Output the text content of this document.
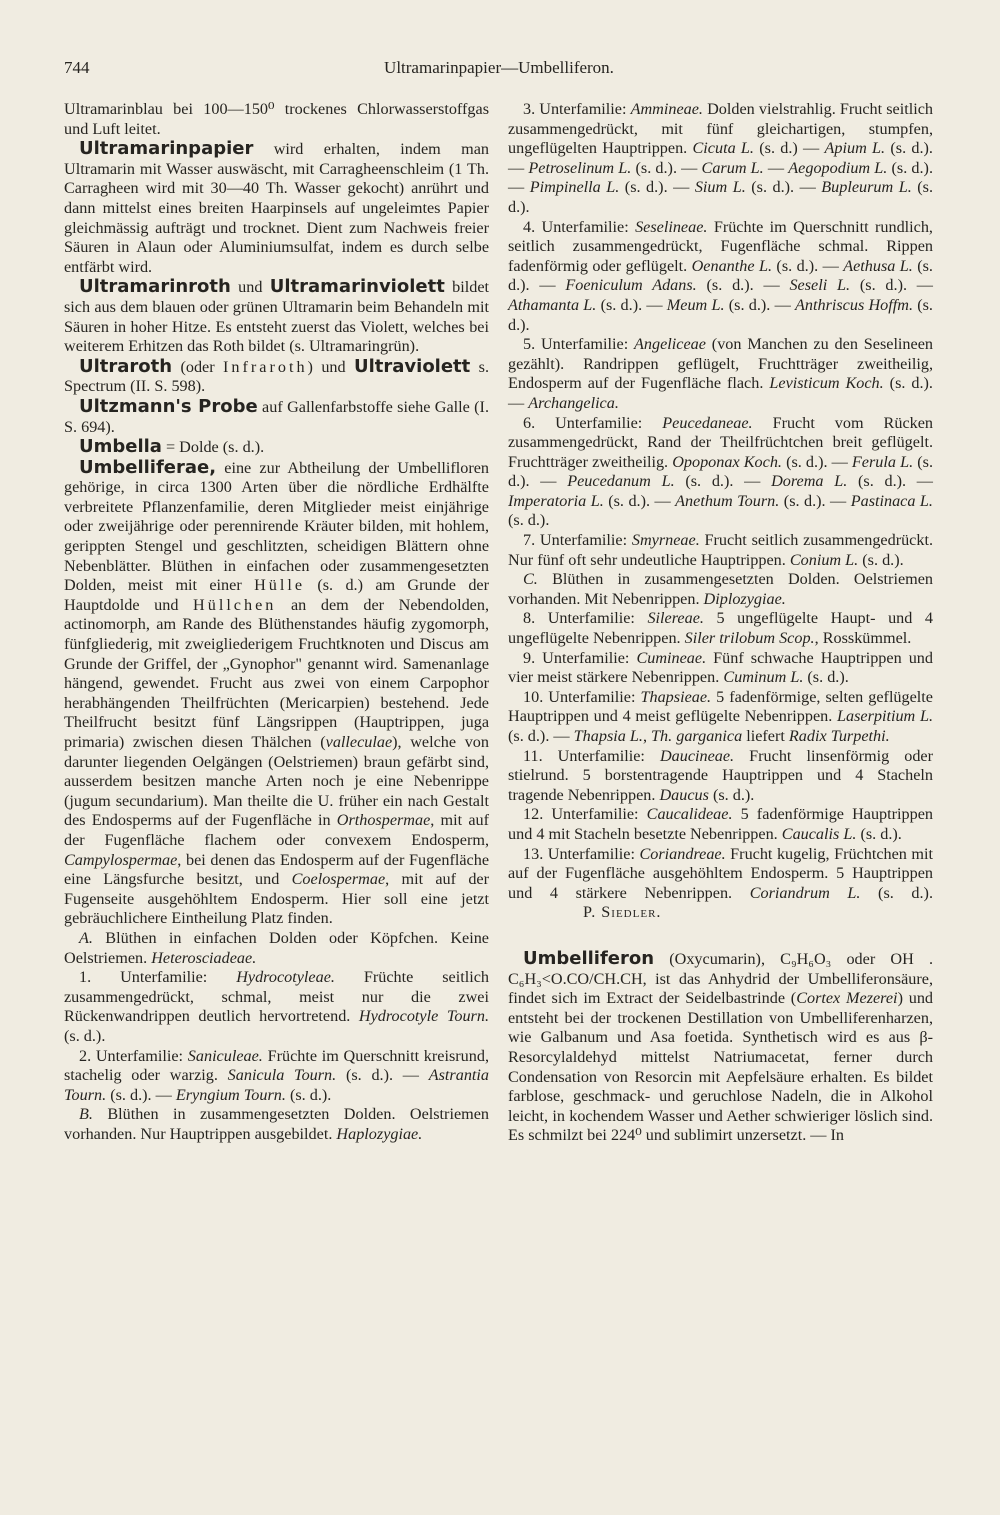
744	Ultramarinpapier—Umbelliferon.

Ultramarinblau bei 100—150⁰ trockenes Chlorwasserstoffgas und Luft leitet.

Ultramarinpapier wird erhalten, indem man Ultramarin mit Wasser auswäscht, mit Carragheenschleim (1 Th. Carragheen wird mit 30—40 Th. Wasser gekocht) anrührt und dann mittelst eines breiten Haarpinsels auf ungeleimtes Papier gleichmässig aufträgt und trocknet. Dient zum Nachweis freier Säuren in Alaun oder Aluminiumsulfat, indem es durch selbe entfärbt wird.

Ultramarinroth und Ultramarinviolett bildet sich aus dem blauen oder grünen Ultramarin beim Behandeln mit Säuren in hoher Hitze. Es entsteht zuerst das Violett, welches bei weiterem Erhitzen das Roth bildet (s. Ultramaringrün).

Ultraroth (oder Infraroth) und Ultraviolett s. Spectrum (II. S. 598).

Ultzmann's Probe auf Gallenfarbstoffe siehe Galle (I. S. 694).

Umbella = Dolde (s. d.).

Umbelliferae, eine zur Abtheilung der Umbellifloren gehörige, in circa 1300 Arten über die nördliche Erdhälfte verbreitete Pflanzenfamilie, deren Mitglieder meist einjährige oder zweijährige oder perennirende Kräuter bilden, mit hohlem, gerippten Stengel und geschlitzten, scheidigen Blättern ohne Nebenblätter. Blüthen in einfachen oder zusammengesetzten Dolden, meist mit einer Hülle (s. d.) am Grunde der Hauptdolde und Hüllchen an dem der Nebendolden, actinomorph, am Rande des Blüthenstandes häufig zygomorph, fünfgliederig, mit zweigliederigem Fruchtknoten und Discus am Grunde der Griffel, der „Gynophor" genannt wird. Samenanlage hängend, gewendet. Frucht aus zwei von einem Carpophor herabhängenden Theilfrüchten (Mericarpien) bestehend. Jede Theilfrucht besitzt fünf Längsrippen (Hauptrippen, juga primaria) zwischen diesen Thälchen (valleculae), welche von darunter liegenden Oelgängen (Oelstriemen) braun gefärbt sind, ausserdem besitzen manche Arten noch je eine Nebenrippe (jugum secundarium). Man theilte die U. früher ein nach Gestalt des Endosperms auf der Fugenfläche in Orthospermae, mit auf der Fugenfläche flachem oder convexem Endosperm, Campylospermae, bei denen das Endosperm auf der Fugenfläche eine Längsfurche besitzt, und Coelospermae, mit auf der Fugenseite ausgehöhltem Endosperm. Hier soll eine jetzt gebräuchlichere Eintheilung Platz finden.

A. Blüthen in einfachen Dolden oder Köpfchen. Keine Oelstriemen. Heterosciadeae.

1. Unterfamilie: Hydrocotyleae. Früchte seitlich zusammengedrückt, schmal, meist nur die zwei Rückenwandrippen deutlich hervortretend. Hydrocotyle Tourn. (s. d.).

2. Unterfamilie: Saniculeae. Früchte im Querschnitt kreisrund, stachelig oder warzig. Sanicula Tourn. (s. d.). — Astrantia Tourn. (s. d.). — Eryngium Tourn. (s. d.).

B. Blüthen in zusammengesetzten Dolden. Oelstriemen vorhanden. Nur Hauptrippen ausgebildet. Haplozygiae.

3. Unterfamilie: Ammineae. Dolden vielstrahlig. Frucht seitlich zusammengedrückt, mit fünf gleichartigen, stumpfen, ungeflügelten Hauptrippen. Cicuta L. (s. d.) — Apium L. (s. d.). — Petroselinum L. (s. d.). — Carum L. — Aegopodium L. (s. d.). — Pimpinella L. (s. d.). — Sium L. (s. d.). — Bupleurum L. (s. d.).

4. Unterfamilie: Seselineae. Früchte im Querschnitt rundlich, seitlich zusammengedrückt, Fugenfläche schmal. Rippen fadenförmig oder geflügelt. Oenanthe L. (s. d.). — Aethusa L. (s. d.). — Foeniculum Adans. (s. d.). — Seseli L. (s. d.). — Athamanta L. (s. d.). — Meum L. (s. d.). — Anthriscus Hoffm. (s. d.).

5. Unterfamilie: Angeliceae (von Manchen zu den Seselineen gezählt). Randrippen geflügelt, Fruchtträger zweitheilig, Endosperm auf der Fugenfläche flach. Levisticum Koch. (s. d.). — Archangelica.

6. Unterfamilie: Peucedaneae. Frucht vom Rücken zusammengedrückt, Rand der Theilfrüchtchen breit geflügelt. Fruchtträger zweitheilig. Opoponax Koch. (s. d.). — Ferula L. (s. d.). — Peucedanum L. (s. d.). — Dorema L. (s. d.). — Imperatoria L. (s. d.). — Anethum Tourn. (s. d.). — Pastinaca L. (s. d.).

7. Unterfamilie: Smyrneae. Frucht seitlich zusammengedrückt. Nur fünf oft sehr undeutliche Hauptrippen. Conium L. (s. d.).

C. Blüthen in zusammengesetzten Dolden. Oelstriemen vorhanden. Mit Nebenrippen. Diplozygiae.

8. Unterfamilie: Silereae. 5 ungeflügelte Haupt- und 4 ungeflügelte Nebenrippen. Siler trilobum Scop., Rosskümmel.

9. Unterfamilie: Cumineae. Fünf schwache Hauptrippen und vier meist stärkere Nebenrippen. Cuminum L. (s. d.).

10. Unterfamilie: Thapsieae. 5 fadenförmige, selten geflügelte Hauptrippen und 4 meist geflügelte Nebenrippen. Laserpitium L. (s. d.). — Thapsia L., Th. garganica liefert Radix Turpethi.

11. Unterfamilie: Daucineae. Frucht linsenförmig oder stielrund. 5 borstentragende Hauptrippen und 4 Stacheln tragende Nebenrippen. Daucus (s. d.).

12. Unterfamilie: Caucalideae. 5 fadenförmige Hauptrippen und 4 mit Stacheln besetzte Nebenrippen. Caucalis L. (s. d.).

13. Unterfamilie: Coriandreae. Frucht kugelig, Früchtchen mit auf der Fugenfläche ausgehöhltem Endosperm. 5 Hauptrippen und 4 stärkere Nebenrippen. Coriandrum L. (s. d.).P. Siedler.

Umbelliferon (Oxycumarin), C₉H₆O₃ oder OH . C₆H₃<O.CO/CH.CH, ist das Anhydrid der Umbelliferonsäure, findet sich im Extract der Seidelbastrinde (Cortex Mezerei) und entsteht bei der trockenen Destillation von Umbelliferenharzen, wie Galbanum und Asa foetida. Synthetisch wird es aus β-Resorcylaldehyd mittelst Natriumacetat, ferner durch Condensation von Resorcin mit Aepfelsäure erhalten. Es bildet farblose, geschmack- und geruchlose Nadeln, die in Alkohol leicht, in kochendem Wasser und Aether schwieriger löslich sind. Es schmilzt bei 224⁰ und sublimirt unzersetzt. — In
